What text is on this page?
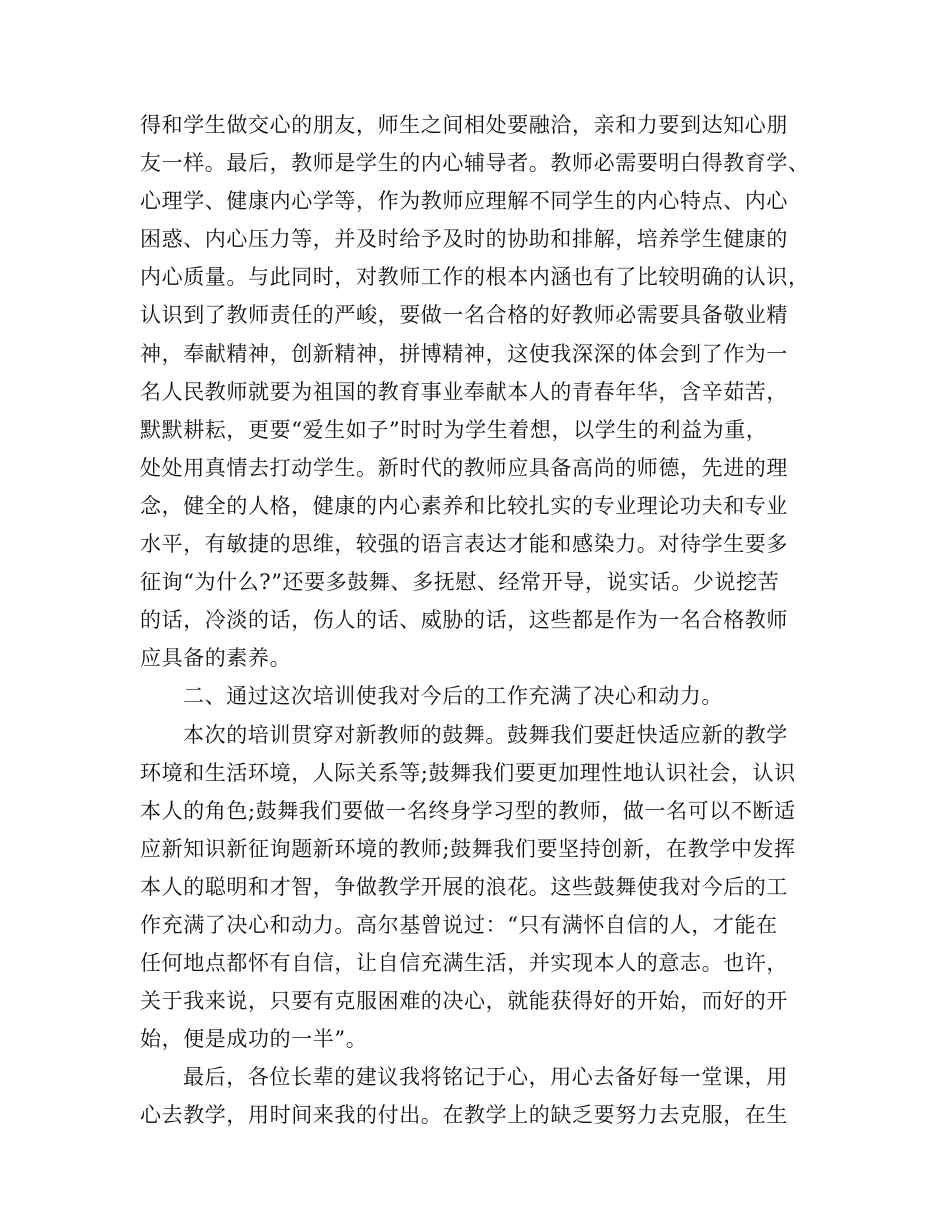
得和学生做交心的朋友，师生之间相处要融洽，亲和力要到达知心朋
友一样。最后，教师是学生的内心辅导者。教师必需要明白得教育学、
心理学、健康内心学等，作为教师应理解不同学生的内心特点、内心
困惑、内心压力等，并及时给予及时的协助和排解，培养学生健康的
内心质量。与此同时，对教师工作的根本内涵也有了比较明确的认识，
认识到了教师责任的严峻，要做一名合格的好教师必需要具备敬业精
神，奉献精神，创新精神，拼博精神，这使我深深的体会到了作为一
名人民教师就要为祖国的教育事业奉献本人的青春年华，含辛茹苦，
默默耕耘，更要“爱生如子”时时为学生着想，以学生的利益为重，
处处用真情去打动学生。新时代的教师应具备高尚的师德，先进的理
念，健全的人格，健康的内心素养和比较扎实的专业理论功夫和专业
水平，有敏捷的思维，较强的语言表达才能和感染力。对待学生要多
征询“为什么?”还要多鼓舞、多抚慰、经常开导，说实话。少说挖苦
的话，冷淡的话，伤人的话、威胁的话，这些都是作为一名合格教师
应具备的素养。
二、通过这次培训使我对今后的工作充满了决心和动力。
本次的培训贯穿对新教师的鼓舞。鼓舞我们要赶快适应新的教学
环境和生活环境，人际关系等;鼓舞我们要更加理性地认识社会，认识
本人的角色;鼓舞我们要做一名终身学习型的教师，做一名可以不断适
应新知识新征询题新环境的教师;鼓舞我们要坚持创新，在教学中发挥
本人的聪明和才智，争做教学开展的浪花。这些鼓舞使我对今后的工
作充满了决心和动力。高尔基曾说过：“只有满怀自信的人，才能在
任何地点都怀有自信，让自信充满生活，并实现本人的意志。也许，
关于我来说，只要有克服困难的决心，就能获得好的开始，而好的开
始，便是成功的一半”。
最后，各位长辈的建议我将铭记于心，用心去备好每一堂课，用
心去教学，用时间来我的付出。在教学上的缺乏要努力去克服，在生
